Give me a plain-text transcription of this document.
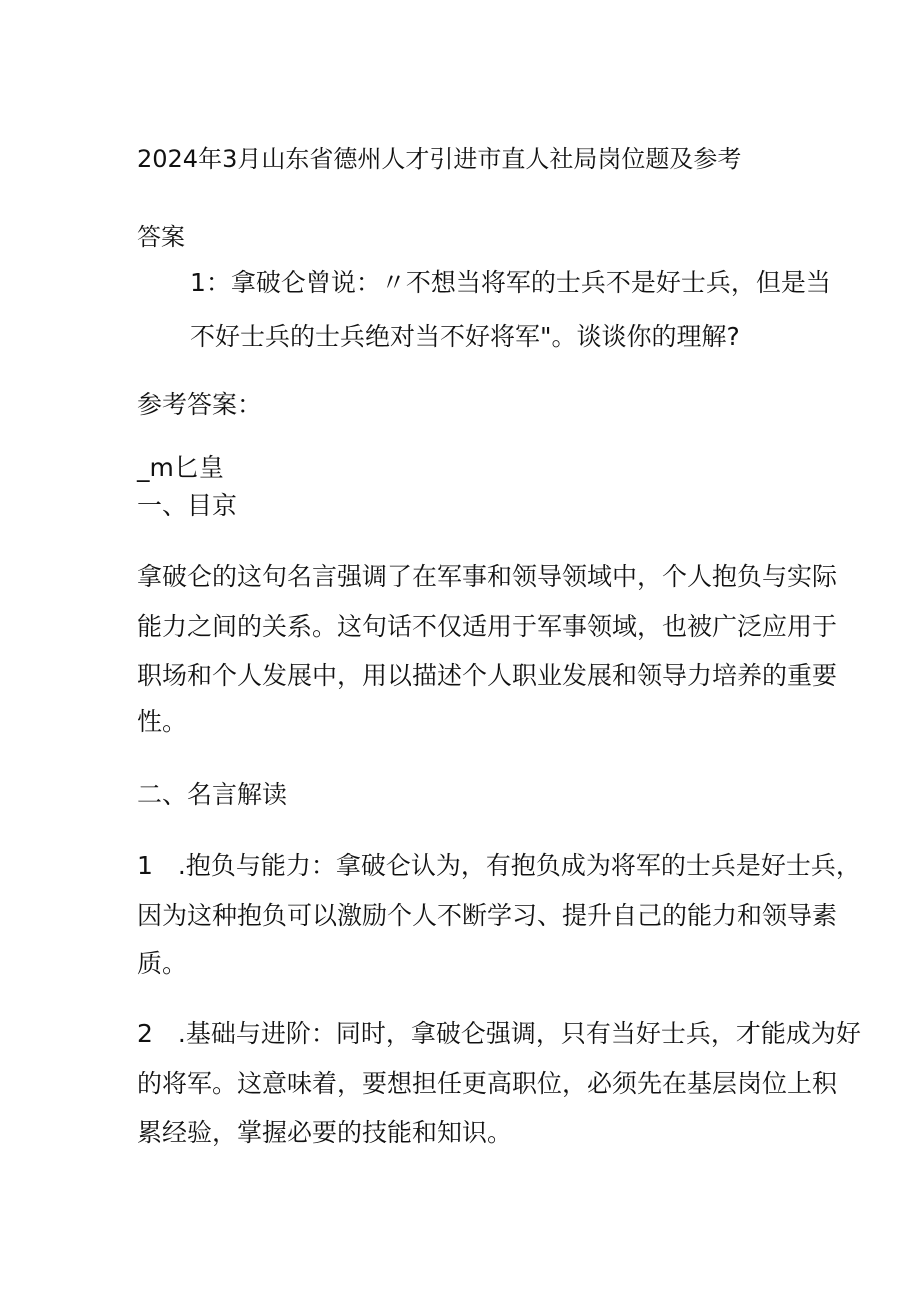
2024年3月山东省德州人才引进市直人社局岗位题及参考
答案
1：拿破仑曾说：〃不想当将军的士兵不是好士兵，但是当
不好士兵的士兵绝对当不好将军"。谈谈你的理解?
参考答案：
_m匕皇
一、目京
拿破仑的这句名言强调了在军事和领导领域中，个人抱负与实际
能力之间的关系。这句话不仅适用于军事领域，也被广泛应用于
职场和个人发展中，用以描述个人职业发展和领导力培养的重要
性。
二、名言解读
1　.抱负与能力：拿破仑认为，有抱负成为将军的士兵是好士兵，
因为这种抱负可以激励个人不断学习、提升自己的能力和领导素
质。
2　.基础与进阶：同时，拿破仑强调，只有当好士兵，才能成为好
的将军。这意味着，要想担任更高职位，必须先在基层岗位上积
累经验，掌握必要的技能和知识。
